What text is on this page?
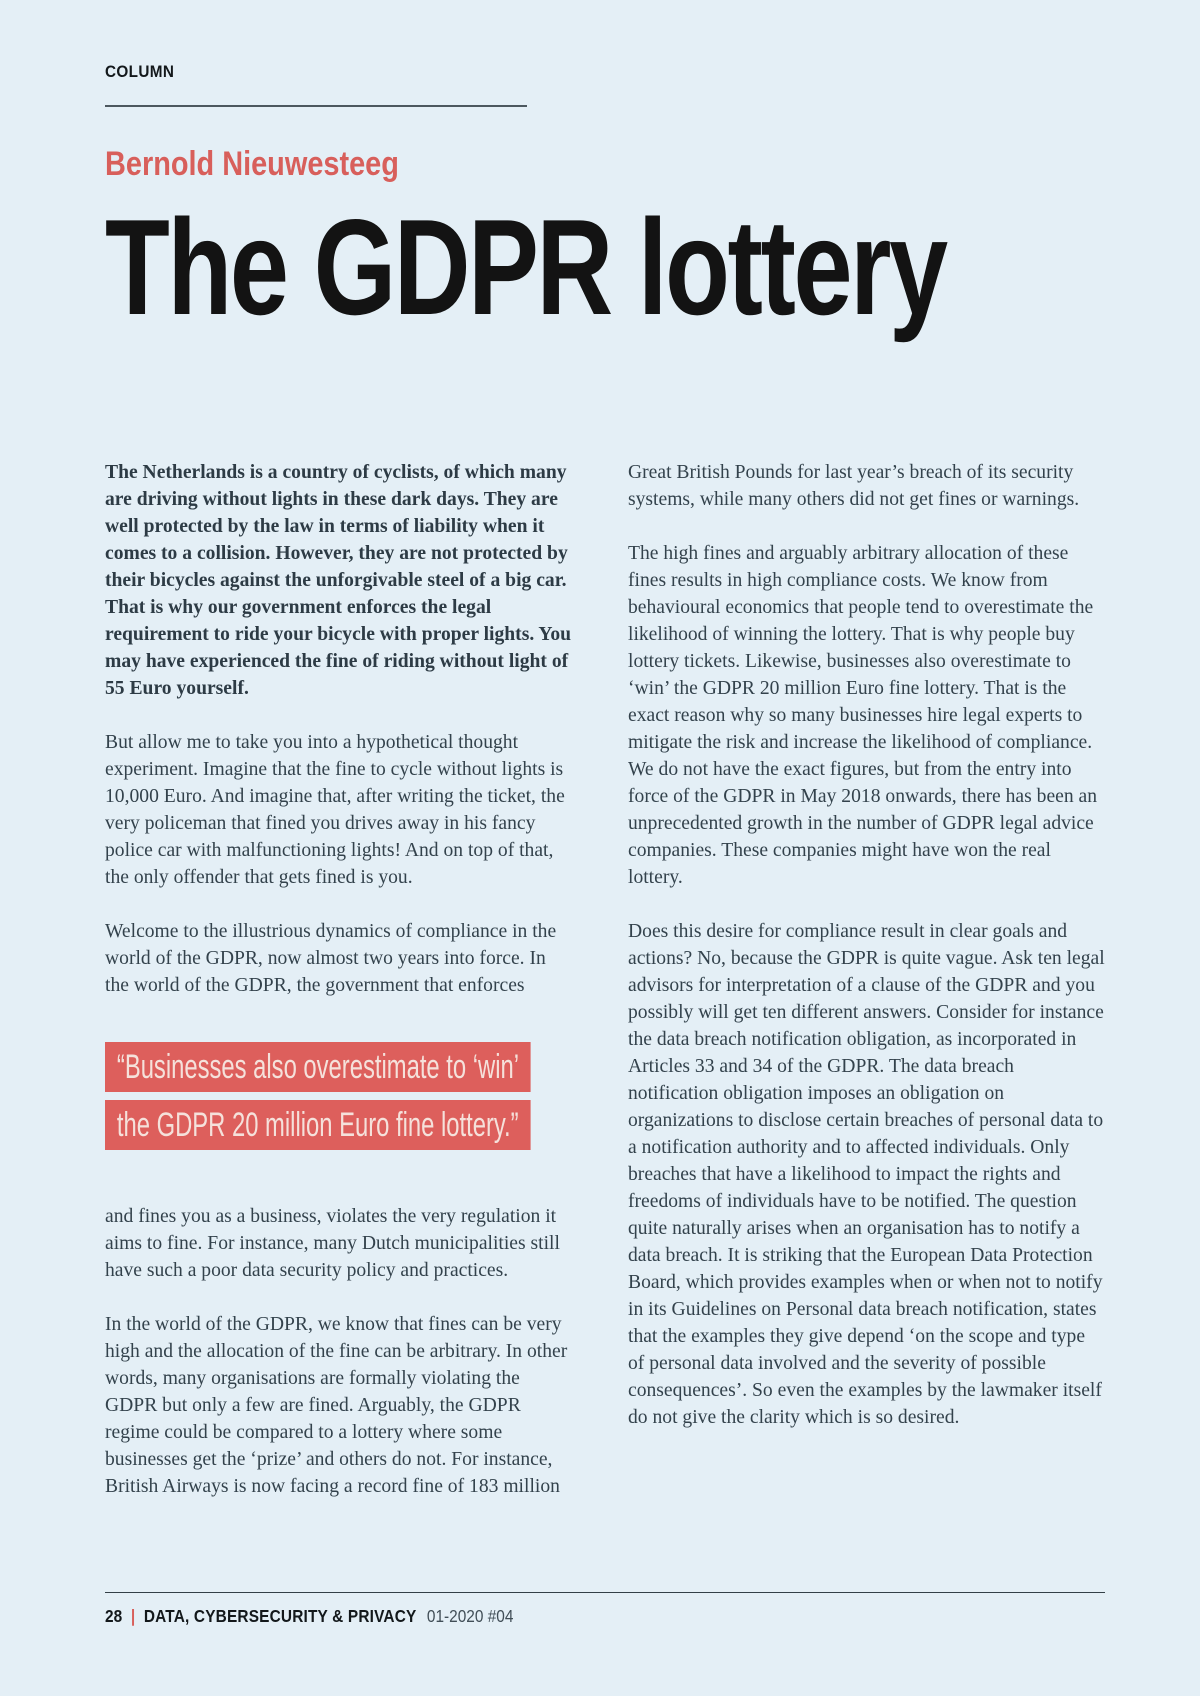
COLUMN
Bernold Nieuwesteeg
The GDPR lottery

The Netherlands is a country of cyclists, of which many are driving without lights in these dark days. They are well protected by the law in terms of liability when it comes to a collision. However, they are not protected by their bicycles against the unforgivable steel of a big car. That is why our government enforces the legal requirement to ride your bicycle with proper lights. You may have experienced the fine of riding without light of 55 Euro yourself.

But allow me to take you into a hypothetical thought experiment. Imagine that the fine to cycle without lights is 10,000 Euro. And imagine that, after writing the ticket, the very policeman that fined you drives away in his fancy police car with malfunctioning lights! And on top of that, the only offender that gets fined is you.

Welcome to the illustrious dynamics of compliance in the world of the GDPR, now almost two years into force. In the world of the GDPR, the government that enforces

“Businesses also overestimate to ‘win’
the GDPR 20 million Euro fine lottery.”

and fines you as a business, violates the very regulation it aims to fine. For instance, many Dutch municipalities still have such a poor data security policy and practices.

In the world of the GDPR, we know that fines can be very high and the allocation of the fine can be arbitrary. In other words, many organisations are formally violating the GDPR but only a few are fined. Arguably, the GDPR regime could be compared to a lottery where some businesses get the ‘prize’ and others do not. For instance, British Airways is now facing a record fine of 183 million

Great British Pounds for last year’s breach of its security systems, while many others did not get fines or warnings.

The high fines and arguably arbitrary allocation of these fines results in high compliance costs. We know from behavioural economics that people tend to overestimate the likelihood of winning the lottery. That is why people buy lottery tickets. Likewise, businesses also overestimate to ‘win’ the GDPR 20 million Euro fine lottery. That is the exact reason why so many businesses hire legal experts to mitigate the risk and increase the likelihood of compliance. We do not have the exact figures, but from the entry into force of the GDPR in May 2018 onwards, there has been an unprecedented growth in the number of GDPR legal advice companies. These companies might have won the real lottery.

Does this desire for compliance result in clear goals and actions? No, because the GDPR is quite vague. Ask ten legal advisors for interpretation of a clause of the GDPR and you possibly will get ten different answers. Consider for instance the data breach notification obligation, as incorporated in Articles 33 and 34 of the GDPR. The data breach notification obligation imposes an obligation on organizations to disclose certain breaches of personal data to a notification authority and to affected individuals. Only breaches that have a likelihood to impact the rights and freedoms of individuals have to be notified. The question quite naturally arises when an organisation has to notify a data breach. It is striking that the European Data Protection Board, which provides examples when or when not to notify in its Guidelines on Personal data breach notification, states that the examples they give depend ‘on the scope and type of personal data involved and the severity of possible consequences’. So even the examples by the lawmaker itself do not give the clarity which is so desired.

28 | DATA, CYBERSECURITY & PRIVACY 01-2020 #04
